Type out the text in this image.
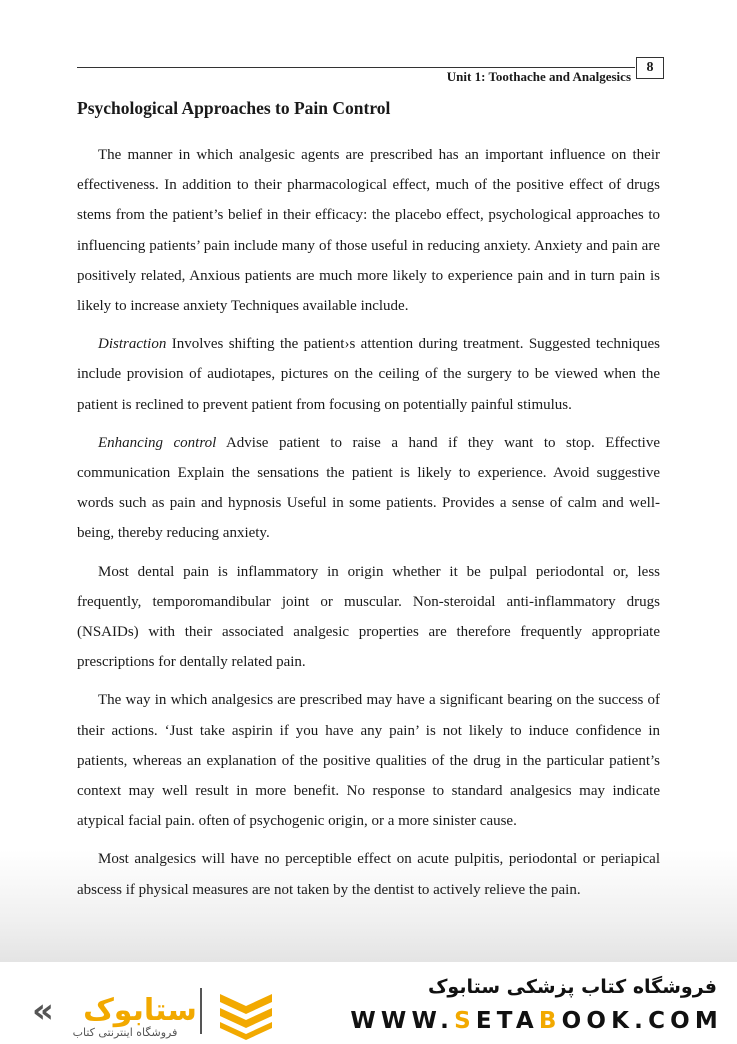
Unit 1: Toothache and Analgesics
8
Psychological Approaches to Pain Control

The manner in which analgesic agents are prescribed has an important influence on their effectiveness. In addition to their pharmacological effect, much of the positive effect of drugs stems from the patient’s belief in their efficacy: the placebo effect, psychological approaches to influencing patients’ pain include many of those useful in reducing anxiety. Anxiety and pain are positively related, Anxious patients are much more likely to experience pain and in turn pain is likely to increase anxiety Techniques available include.

Distraction Involves shifting the patient›s attention during treatment. Suggested techniques include provision of audiotapes, pictures on the ceiling of the surgery to be viewed when the patient is reclined to prevent patient from focusing on potentially painful stimulus.

Enhancing control Advise patient to raise a hand if they want to stop. Effective communication Explain the sensations the patient is likely to experience. Avoid suggestive words such as pain and hypnosis Useful in some patients. Provides a sense of calm and well-being, thereby reducing anxiety.

Most dental pain is inflammatory in origin whether it be pulpal periodontal or, less frequently, temporomandibular joint or muscular. Non-steroidal anti-inflammatory drugs (NSAIDs) with their associated analgesic properties are therefore frequently appropriate prescriptions for dentally related pain.

The way in which analgesics are prescribed may have a significant bearing on the success of their actions. ‘Just take aspirin if you have any pain’ is not likely to induce confidence in patients, whereas an explanation of the positive qualities of the drug in the particular patient’s context may well result in more benefit. No response to standard analgesics may indicate atypical facial pain. often of psychogenic origin, or a more sinister cause.

Most analgesics will have no perceptible effect on acute pulpitis, periodontal or periapical abscess if physical measures are not taken by the dentist to actively relieve the pain.

« ستابوک
فروشگاه اینترنتی کتاب
فروشگاه کتاب پزشکی ستابوک
WWW.SETABOOK.COM
